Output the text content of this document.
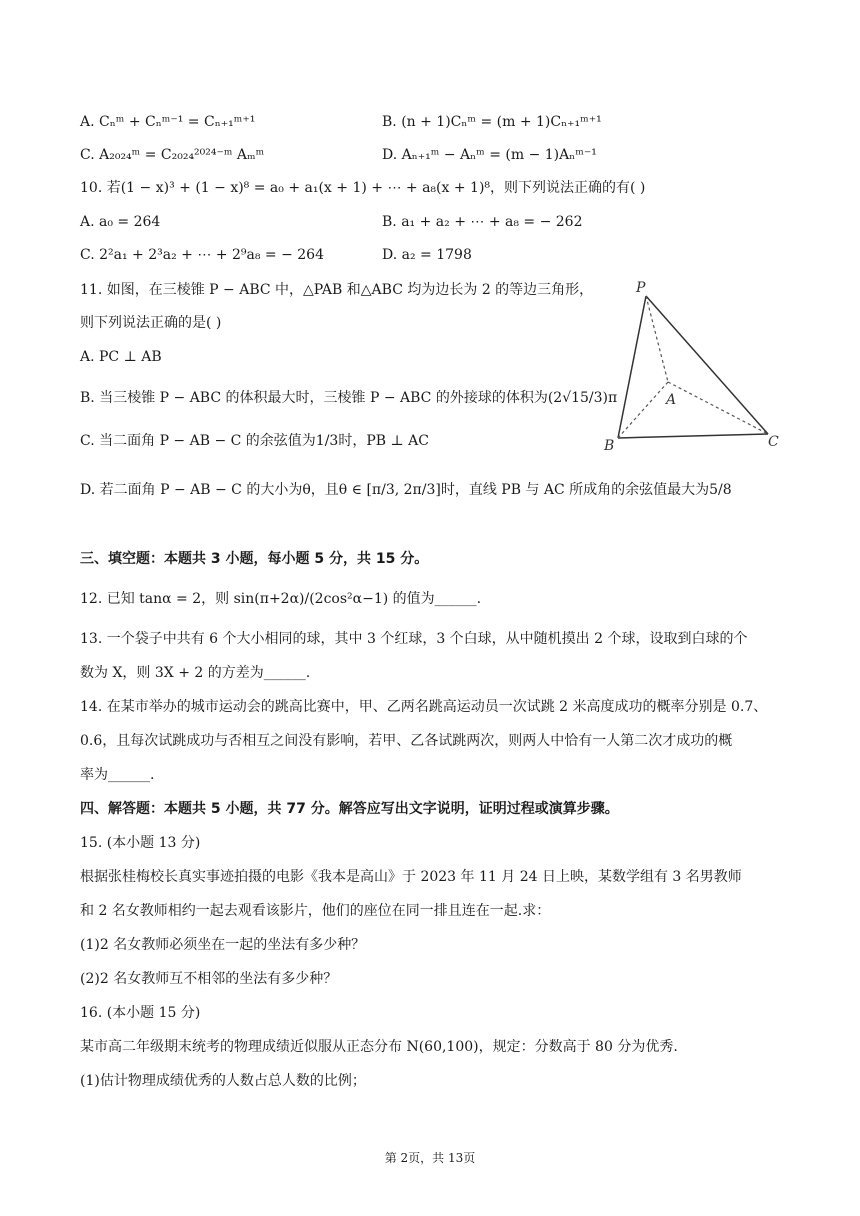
A. Cₙᵐ + Cₙᵐ⁻¹ = Cₙ₊₁ᵐ⁺¹	B. (n + 1)Cₙᵐ = (m + 1)Cₙ₊₁ᵐ⁺¹
C. A₂₀₂₄ᵐ = C₂₀₂₄²⁰²⁴⁻ᵐ Aₘᵐ	D. Aₙ₊₁ᵐ − Aₙᵐ = (m − 1)Aₙᵐ⁻¹
10. 若(1 − x)³ + (1 − x)⁸ = a₀ + a₁(x + 1) + ⋯ + a₈(x + 1)⁸，则下列说法正确的有( )
A. a₀ = 264	B. a₁ + a₂ + ⋯ + a₈ = − 262
C. 2²a₁ + 2³a₂ + ⋯ + 2⁹a₈ = − 264	D. a₂ = 1798
11. 如图，在三棱锥 P − ABC 中，△PAB 和△ABC 均为边长为 2 的等边三角形，
则下列说法正确的是( )
A. PC ⊥ AB
B. 当三棱锥 P − ABC 的体积最大时，三棱锥 P − ABC 的外接球的体积为(2√15/3)π
C. 当二面角 P − AB − C 的余弦值为1/3时，PB ⊥ AC
D. 若二面角 P − AB − C 的大小为θ，且θ ∈ [π/3, 2π/3]时，直线 PB 与 AC 所成角的余弦值最大为5/8
P
A
B	C
三、填空题：本题共 3 小题，每小题 5 分，共 15 分。
12. 已知 tanα = 2，则 sin(π+2α)/(2cos²α−1) 的值为______.
13. 一个袋子中共有 6 个大小相同的球，其中 3 个红球，3 个白球，从中随机摸出 2 个球，设取到白球的个
数为 X，则 3X + 2 的方差为______.
14. 在某市举办的城市运动会的跳高比赛中，甲、乙两名跳高运动员一次试跳 2 米高度成功的概率分别是 0.7、
0.6，且每次试跳成功与否相互之间没有影响，若甲、乙各试跳两次，则两人中恰有一人第二次才成功的概
率为______.
四、解答题：本题共 5 小题，共 77 分。解答应写出文字说明，证明过程或演算步骤。
15. (本小题 13 分)
根据张桂梅校长真实事迹拍摄的电影《我本是高山》于 2023 年 11 月 24 日上映，某数学组有 3 名男教师
和 2 名女教师相约一起去观看该影片，他们的座位在同一排且连在一起.求：
(1)2 名女教师必须坐在一起的坐法有多少种？
(2)2 名女教师互不相邻的坐法有多少种？
16. (本小题 15 分)
某市高二年级期末统考的物理成绩近似服从正态分布 N(60,100)，规定：分数高于 80 分为优秀.
(1)估计物理成绩优秀的人数占总人数的比例；
第 2页，共 13页
